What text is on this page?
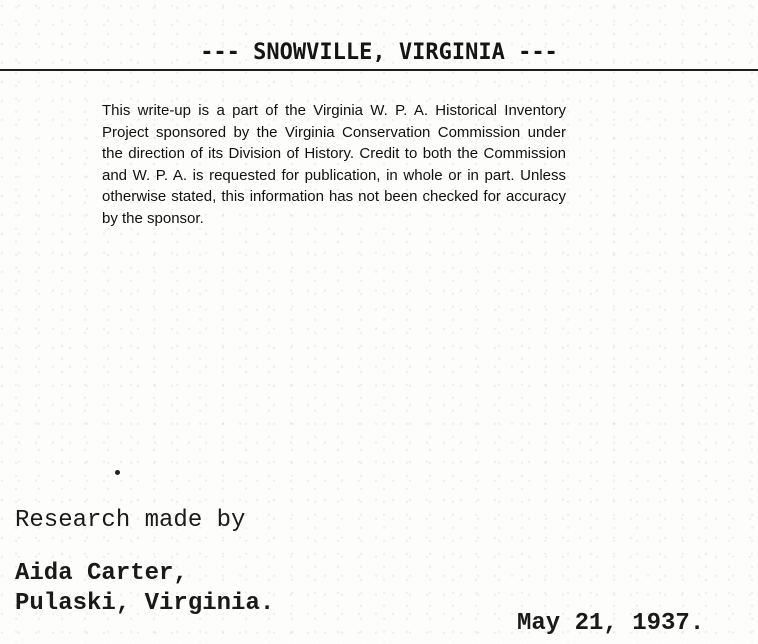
--- SNOWVILLE, VIRGINIA ---
This write-up is a part of the Virginia W. P. A. Historical Inventory Project sponsored by the Virginia Conservation Commission under the direction of its Division of History. Credit to both the Commission and W. P. A. is requested for publication, in whole or in part. Unless otherwise stated, this information has not been checked for accuracy by the sponsor.
Research made by
Aida Carter,
Pulaski, Virginia.
May 21, 1937.
